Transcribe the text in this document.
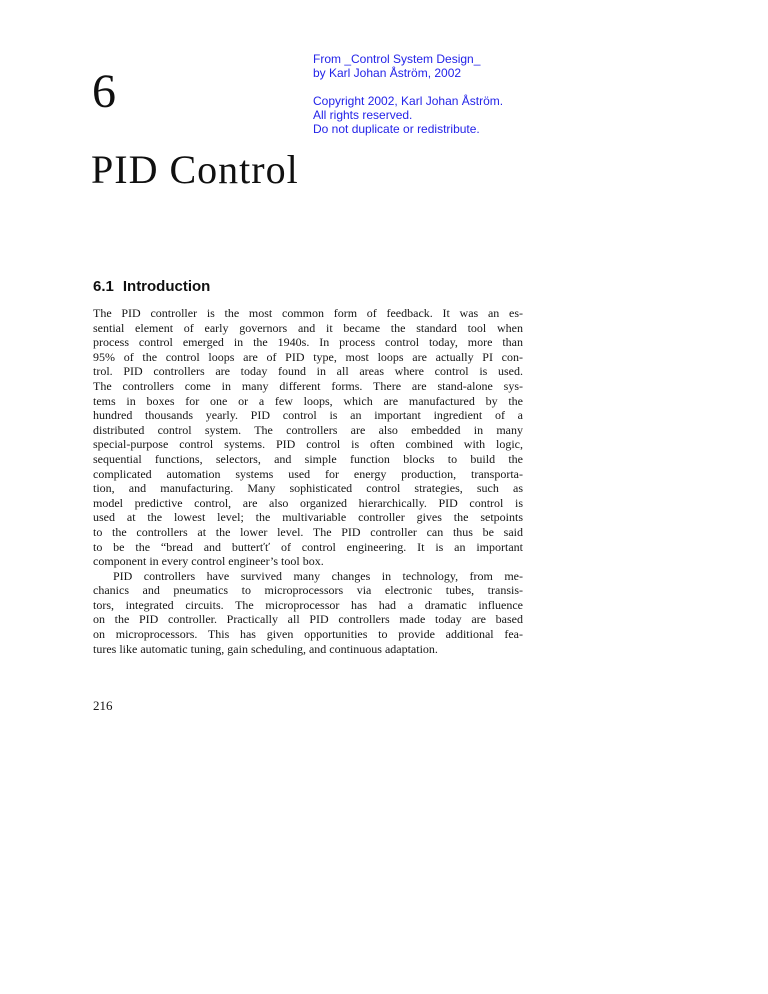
6
From _Control System Design_
by Karl Johan Åström, 2002
Copyright 2002, Karl Johan Åström.
All rights reserved.
Do not duplicate or redistribute.
PID Control
6.1 Introduction
The PID controller is the most common form of feedback. It was an es-
sential element of early governors and it became the standard tool when
process control emerged in the 1940s. In process control today, more than
95% of the control loops are of PID type, most loops are actually PI con-
trol. PID controllers are today found in all areas where control is used.
The controllers come in many different forms. There are stand-alone sys-
tems in boxes for one or a few loops, which are manufactured by the
hundred thousands yearly. PID control is an important ingredient of a
distributed control system. The controllers are also embedded in many
special-purpose control systems. PID control is often combined with logic,
sequential functions, selectors, and simple function blocks to build the
complicated automation systems used for energy production, transporta-
tion, and manufacturing. Many sophisticated control strategies, such as
model predictive control, are also organized hierarchically. PID control is
used at the lowest level; the multivariable controller gives the setpoints
to the controllers at the lower level. The PID controller can thus be said
to be the “bread and butterťť of control engineering. It is an important
component in every control engineer’s tool box.
PID controllers have survived many changes in technology, from me-
chanics and pneumatics to microprocessors via electronic tubes, transis-
tors, integrated circuits. The microprocessor has had a dramatic influence
on the PID controller. Practically all PID controllers made today are based
on microprocessors. This has given opportunities to provide additional fea-
tures like automatic tuning, gain scheduling, and continuous adaptation.
216
